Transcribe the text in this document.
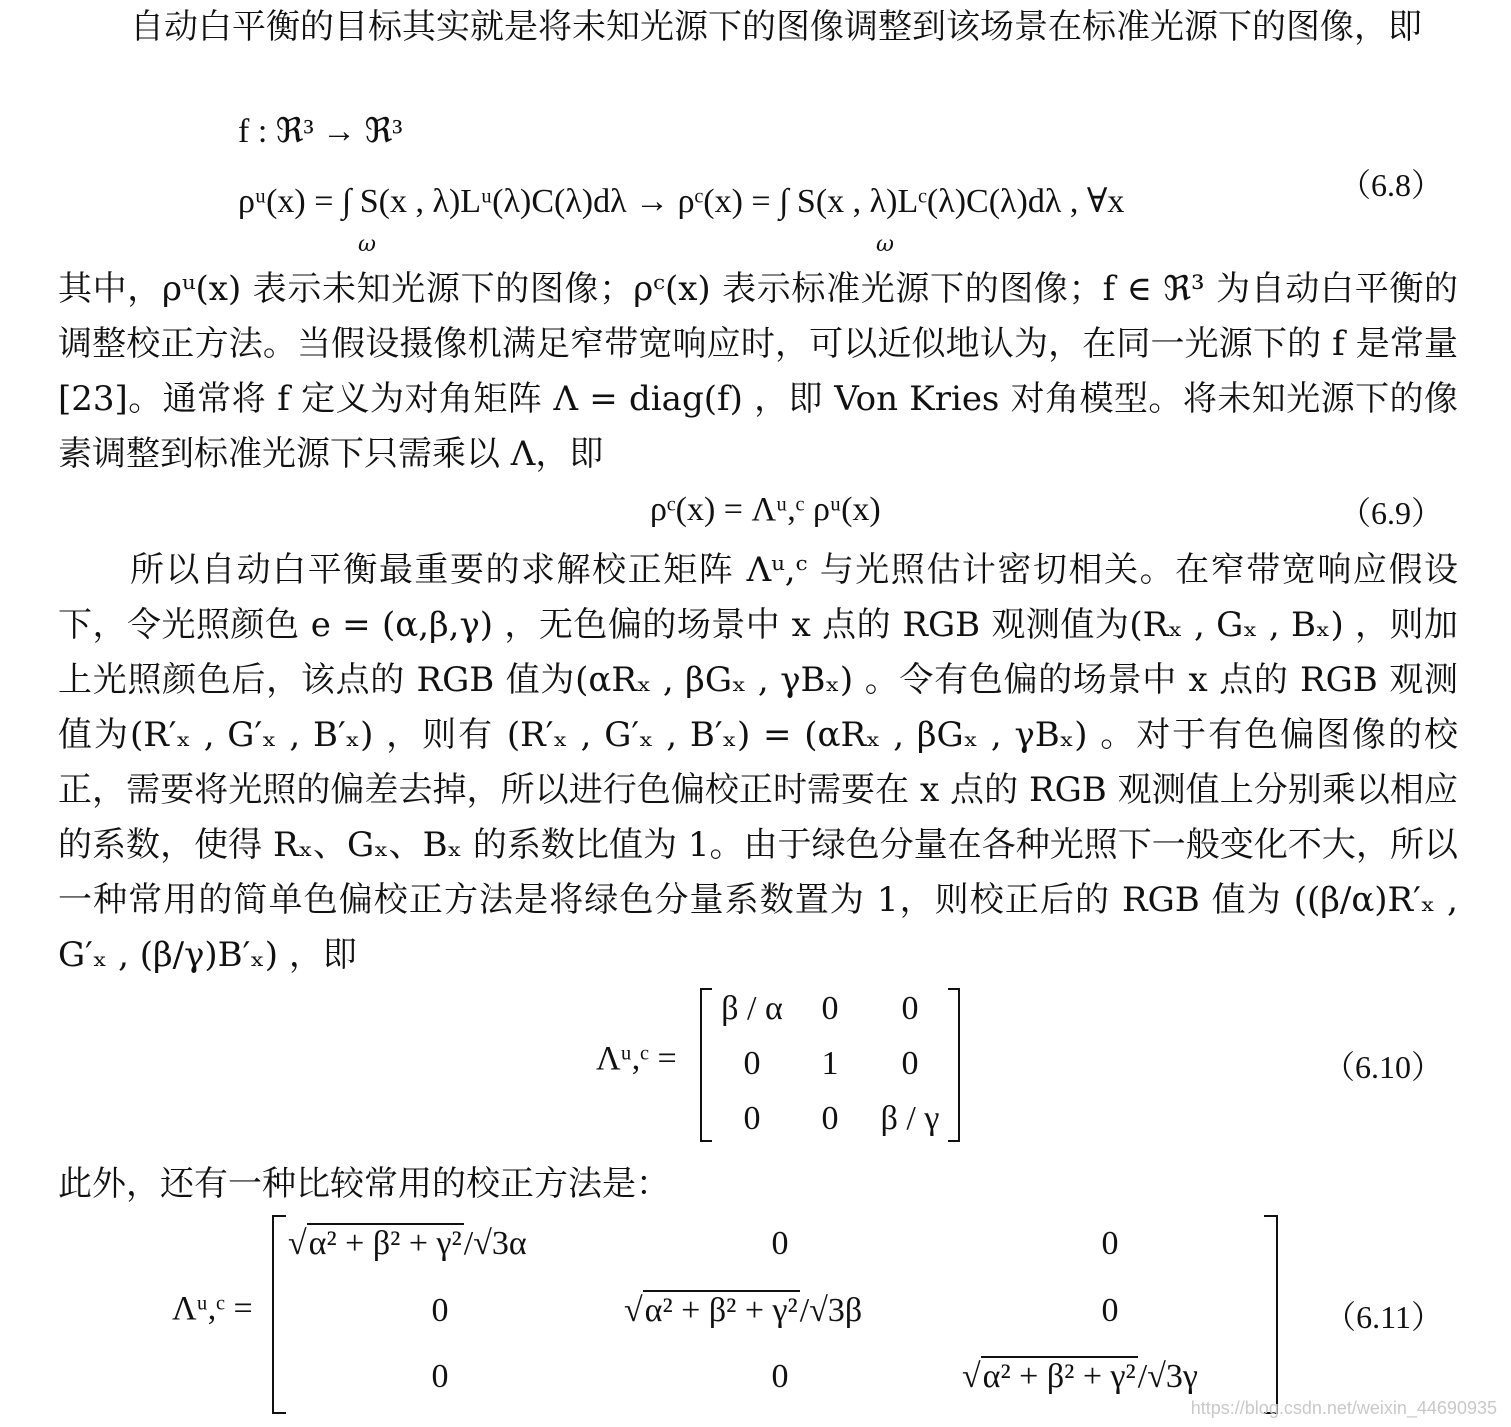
自动白平衡的目标其实就是将未知光源下的图像调整到该场景在标准光源下的图像，即
f : ℜ³ → ℜ³
ρᵘ(x) = ∫ S(x , λ)Lᵘ(λ)C(λ)dλ → ρᶜ(x) = ∫ S(x , λ)Lᶜ(λ)C(λ)dλ , ∀x
ω	ω
（6.8）
其中，ρᵘ(x) 表示未知光源下的图像；ρᶜ(x) 表示标准光源下的图像；f ∈ ℜ³ 为自动白平衡的调整校正方法。当假设摄像机满足窄带宽响应时，可以近似地认为，在同一光源下的 f 是常量[23]。通常将 f 定义为对角矩阵 Λ = diag(f) ，即 Von Kries 对角模型。将未知光源下的像素调整到标准光源下只需乘以 Λ，即
ρᶜ(x) = Λᵘ,ᶜ ρᵘ(x)	（6.9）
所以自动白平衡最重要的求解校正矩阵 Λᵘ,ᶜ 与光照估计密切相关。在窄带宽响应假设下，令光照颜色 e = (α,β,γ) ，无色偏的场景中 x 点的 RGB 观测值为(Rₓ , Gₓ , Bₓ) ，则加上光照颜色后，该点的 RGB 值为(αRₓ , βGₓ , γBₓ) 。令有色偏的场景中 x 点的 RGB 观测值为(R′ₓ , G′ₓ , B′ₓ) ，则有 (R′ₓ , G′ₓ , B′ₓ) = (αRₓ , βGₓ , γBₓ) 。对于有色偏图像的校正，需要将光照的偏差去掉，所以进行色偏校正时需要在 x 点的 RGB 观测值上分别乘以相应的系数，使得 Rₓ、Gₓ、Bₓ 的系数比值为 1。由于绿色分量在各种光照下一般变化不大，所以一种常用的简单色偏校正方法是将绿色分量系数置为 1，则校正后的 RGB 值为 ((β/α)R′ₓ , G′ₓ , (β/γ)B′ₓ) ，即
Λᵘ,ᶜ =
β / α	0	0
0	1	0
0	0	β / γ
（6.10）
此外，还有一种比较常用的校正方法是：
Λᵘ,ᶜ =
√α² + β² + γ²/√3α	0	0
0	√α² + β² + γ²/√3β	0
0	0	√α² + β² + γ²/√3γ
（6.11）
https://blog.csdn.net/weixin_44690935
